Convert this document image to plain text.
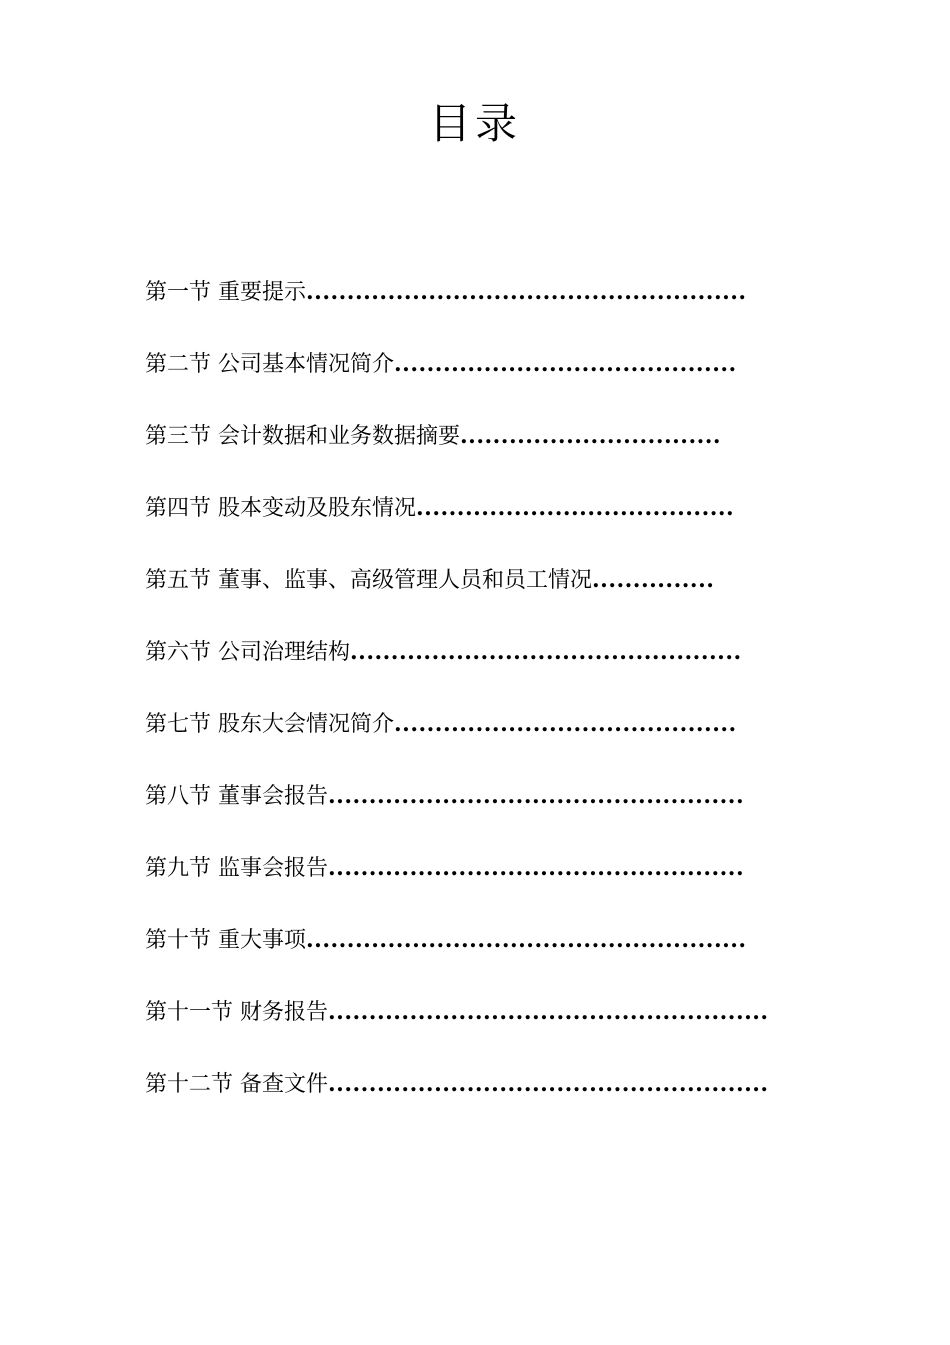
目录
第一节 重要提示......................................................
第二节 公司基本情况简介..........................................
第三节 会计数据和业务数据摘要................................
第四节 股本变动及股东情况.......................................
第五节 董事、监事、高级管理人员和员工情况...............
第六节 公司治理结构................................................
第七节 股东大会情况简介..........................................
第八节 董事会报告...................................................
第九节 监事会报告...................................................
第十节 重大事项......................................................
第十一节 财务报告......................................................
第十二节 备查文件......................................................
